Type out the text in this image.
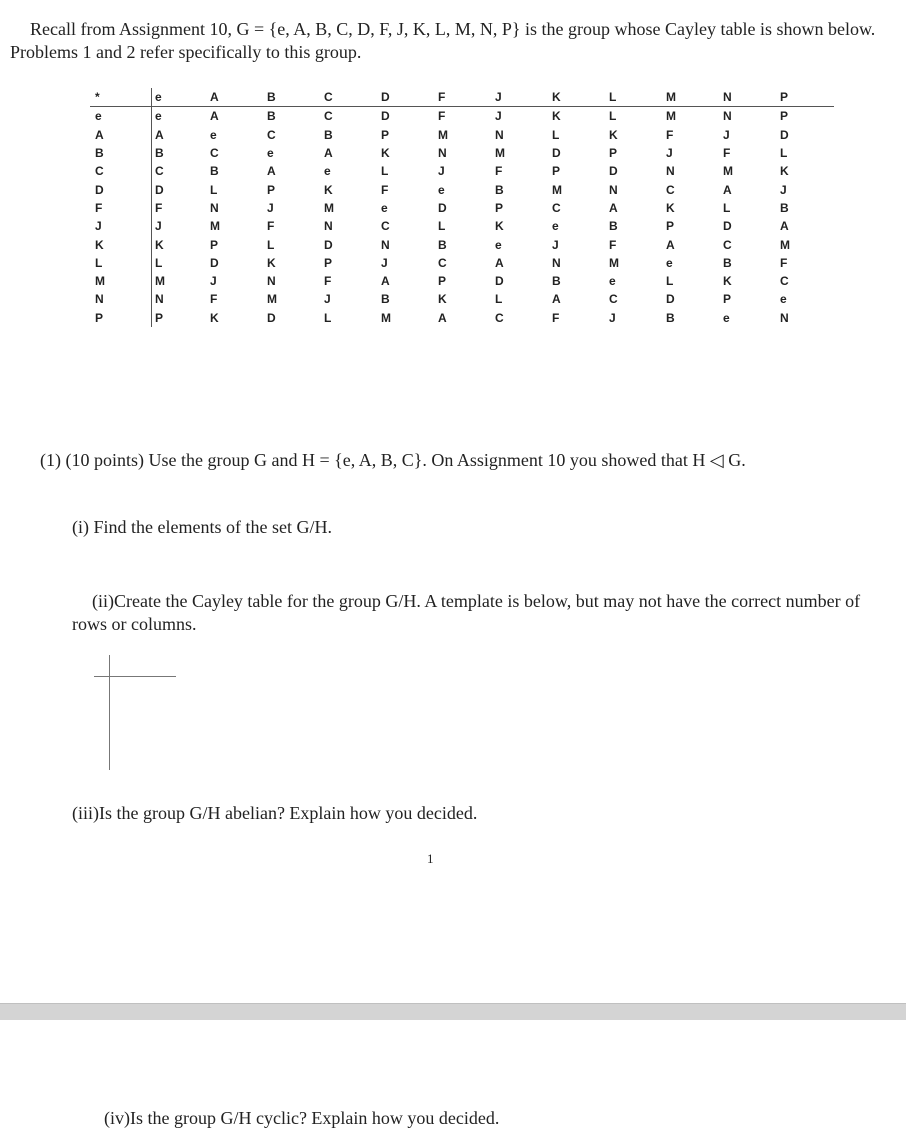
Recall from Assignment 10, G = {e, A, B, C, D, F, J, K, L, M, N, P} is the group whose Cayley table is shown below. Problems 1 and 2 refer specifically to this group.
*	e	A	B	C	D	F	J	K	L	M	N	P
e	e	A	B	C	D	F	J	K	L	M	N	P
A	A	e	C	B	P	M	N	L	K	F	J	D
B	B	C	e	A	K	N	M	D	P	J	F	L
C	C	B	A	e	L	J	F	P	D	N	M	K
D	D	L	P	K	F	e	B	M	N	C	A	J
F	F	N	J	M	e	D	P	C	A	K	L	B
J	J	M	F	N	C	L	K	e	B	P	D	A
K	K	P	L	D	N	B	e	J	F	A	C	M
L	L	D	K	P	J	C	A	N	M	e	B	F
M	M	J	N	F	A	P	D	B	e	L	K	C
N	N	F	M	J	B	K	L	A	C	D	P	e
P	P	K	D	L	M	A	C	F	J	B	e	N
(1) (10 points) Use the group G and H = {e, A, B, C}. On Assignment 10 you showed that H ◁ G.
(i) Find the elements of the set G/H.
(ii)Create the Cayley table for the group G/H. A template is below, but may not have the correct number of rows or columns.
(iii)Is the group G/H abelian? Explain how you decided.
1
(iv)Is the group G/H cyclic? Explain how you decided.
